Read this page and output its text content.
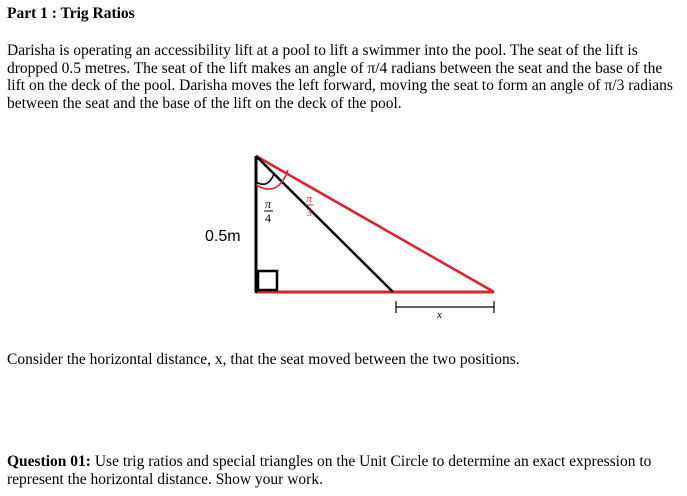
Part 1 : Trig Ratios

Darisha is operating an accessibility lift at a pool to lift a swimmer into the pool. The seat of the lift is dropped 0.5 metres. The seat of the lift makes an angle of π/4 radians between the seat and the base of the lift on the deck of the pool. Darisha moves the left forward, moving the seat to form an angle of π/3 radians between the seat and the base of the lift on the deck of the pool.

0.5m
π
4
π
3
x

Consider the horizontal distance, x, that the seat moved between the two positions.

Question 01: Use trig ratios and special triangles on the Unit Circle to determine an exact expression to represent the horizontal distance. Show your work.
